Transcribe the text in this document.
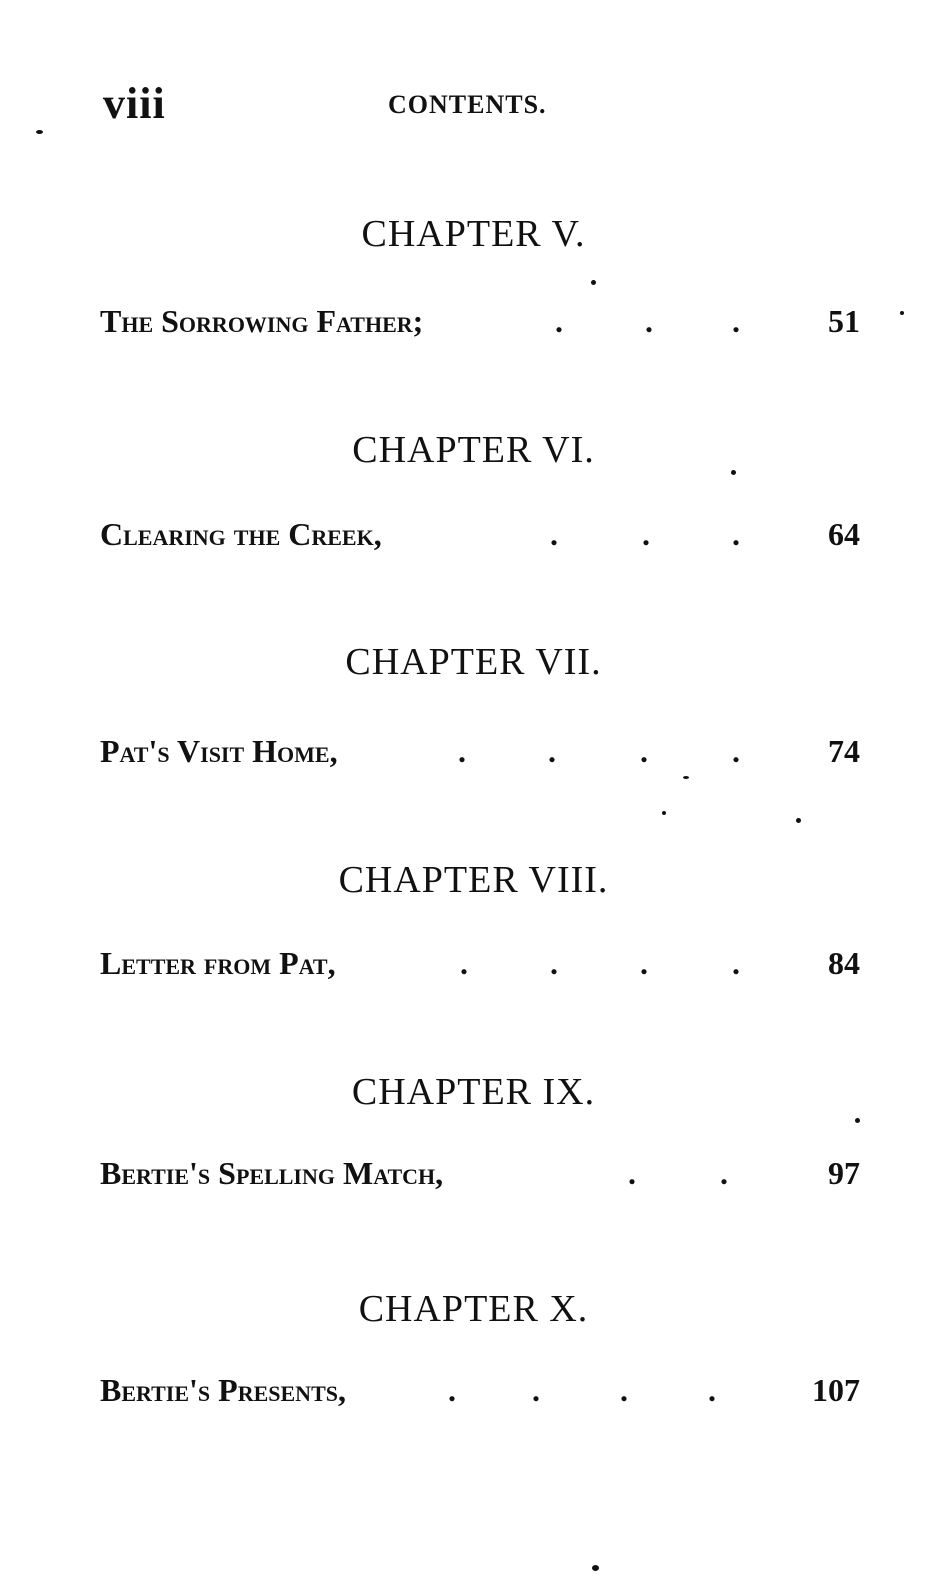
viii	CONTENTS.
CHAPTER V.
The Sorrowing Father;	.	. .	51
CHAPTER VI.
Clearing the Creek,	.	.	.	64
CHAPTER VII.
Pat's Visit Home,	.	.	.	.	74
CHAPTER VIII.
Letter from Pat,	.	.	.	.	84
CHAPTER IX.
Bertie's Spelling Match,	.	.	97
CHAPTER X.
Bertie's Presents,	. .	.	.	107
